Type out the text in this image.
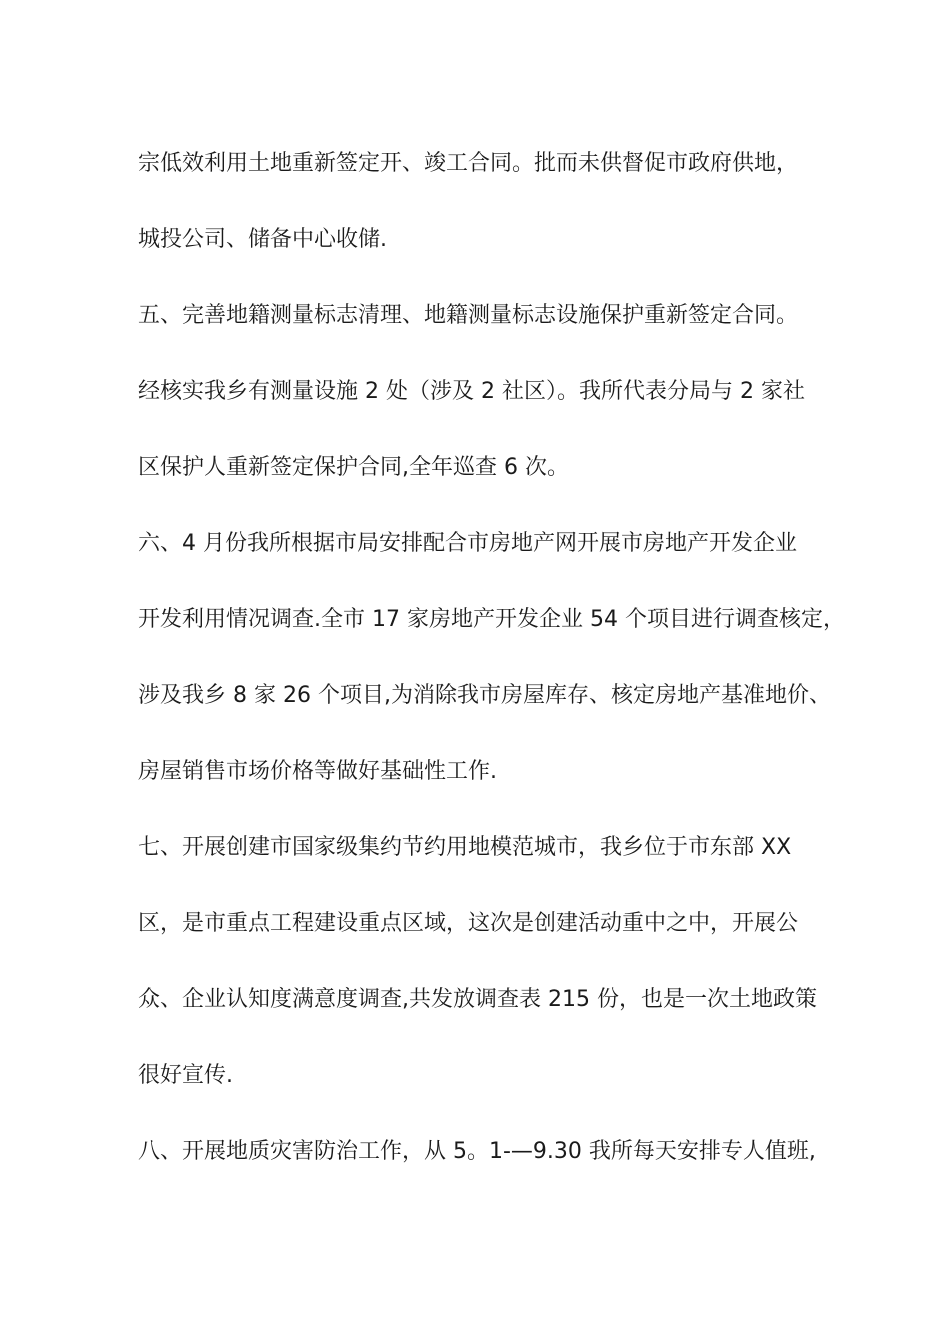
宗低效利用土地重新签定开、竣工合同。批而未供督促市政府供地，
城投公司、储备中心收储.
五、完善地籍测量标志清理、地籍测量标志设施保护重新签定合同。
经核实我乡有测量设施 2 处（涉及 2 社区）。我所代表分局与 2 家社
区保护人重新签定保护合同,全年巡查 6 次。
六、4 月份我所根据市局安排配合市房地产网开展市房地产开发企业
开发利用情况调查.全市 17 家房地产开发企业 54 个项目进行调查核定，
涉及我乡 8 家 26 个项目,为消除我市房屋库存、核定房地产基准地价、
房屋销售市场价格等做好基础性工作.
七、开展创建市国家级集约节约用地模范城市，我乡位于市东部 XX
区，是市重点工程建设重点区域，这次是创建活动重中之中，开展公
众、企业认知度满意度调查,共发放调查表 215 份，也是一次土地政策
很好宣传.
八、开展地质灾害防治工作，从 5。1-—9.30 我所每天安排专人值班,
